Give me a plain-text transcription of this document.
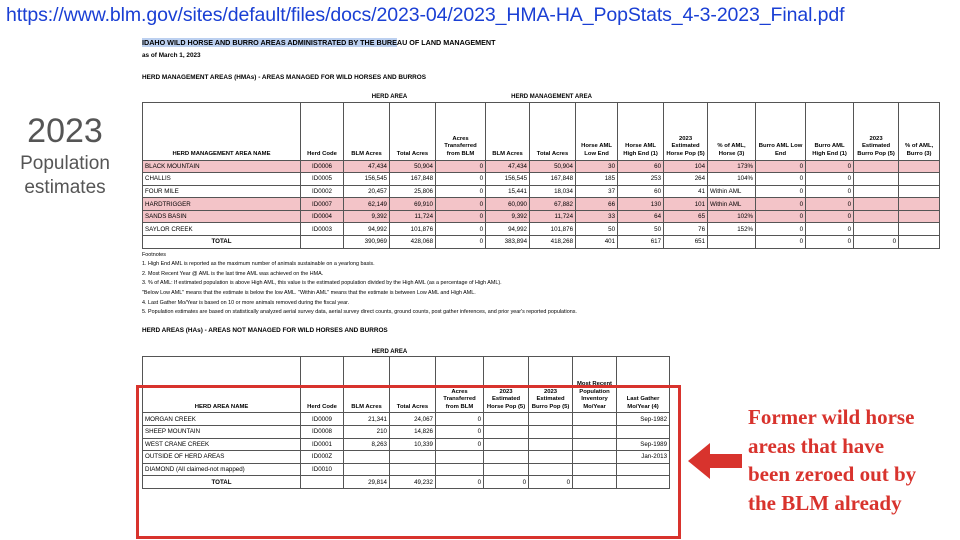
https://www.blm.gov/sites/default/files/docs/2023-04/2023_HMA-HA_PopStats_4-3-2023_Final.pdf
2023
Population
estimates
IDAHO WILD HORSE AND BURRO AREAS ADMINISTRATED BY THE BUREAU OF LAND MANAGEMENT
as of March 1, 2023
HERD MANAGEMENT AREAS (HMAs) - AREAS MANAGED FOR WILD HORSES AND BURROS
		HERD AREA			HERD MANAGEMENT AREA									
HERD MANAGEMENT AREA NAME	Herd Code	BLM Acres	Total Acres	Acres Transferred from BLM	BLM Acres	Total Acres	Horse AML Low End	Horse AML High End (1)	2023 Estimated Horse Pop (5)	% of AML, Horse (3)	Burro AML Low End	Burro AML High End (1)	2023 Estimated Burro Pop (5)	% of AML, Burro (3)
BLACK MOUNTAIN	ID0006	47,434	50,904	0	47,434	50,904	30	60	104	173%	0	0		
CHALLIS	ID0005	156,545	167,848	0	156,545	167,848	185	253	264	104%	0	0		
FOUR MILE	ID0002	20,457	25,806	0	15,441	18,034	37	60	41	Within AML	0	0		
HARDTRIGGER	ID0007	62,149	69,910	0	60,090	67,882	66	130	101	Within AML	0	0		
SANDS BASIN	ID0004	9,392	11,724	0	9,392	11,724	33	64	65	102%	0	0		
SAYLOR CREEK	ID0003	94,992	101,876	0	94,992	101,876	50	50	76	152%	0	0		
TOTAL		390,969	428,068	0	383,894	418,268	401	617	651		0	0	0	
Footnotes
1. High End AML is reported as the maximum number of animals sustainable on a yearlong basis.
2. Most Recent Year @ AML is the last time AML was achieved on the HMA.
3. % of AML: If estimated population is above High AML, this value is the estimated population divided by the High AML (as a percentage of High AML).
"Below Low AML" means that the estimate is below the low AML. "Within AML" means that the estimate is between Low AML and High AML.
4. Last Gather Mo/Year is based on 10 or more animals removed during the fiscal year.
5. Population estimates are based on statistically analyzed aerial survey data, aerial survey direct counts, ground counts, post gather inferences, and prior year's reported populations.
HERD AREAS (HAs) - AREAS NOT MANAGED FOR WILD HORSES AND BURROS
		HERD AREA						
HERD AREA NAME	Herd Code	BLM Acres	Total Acres	Acres Transferred from BLM	2023 Estimated Horse Pop (5)	2023 Estimated Burro Pop (5)	Most Recent Population Inventory Mo/Year	Last Gather Mo/Year (4)
MORGAN CREEK	ID0009	21,341	24,067	0				Sep-1982
SHEEP MOUNTAIN	ID0008	210	14,826	0				
WEST CRANE CREEK	ID0001	8,263	10,339	0				Sep-1989
OUTSIDE OF HERD AREAS	ID000Z							Jan-2013
DIAMOND (All claimed-not mapped)	ID0010							
TOTAL		29,814	49,232	0	0	0		
Former wild horse
areas that have
been zeroed out by
the BLM already
